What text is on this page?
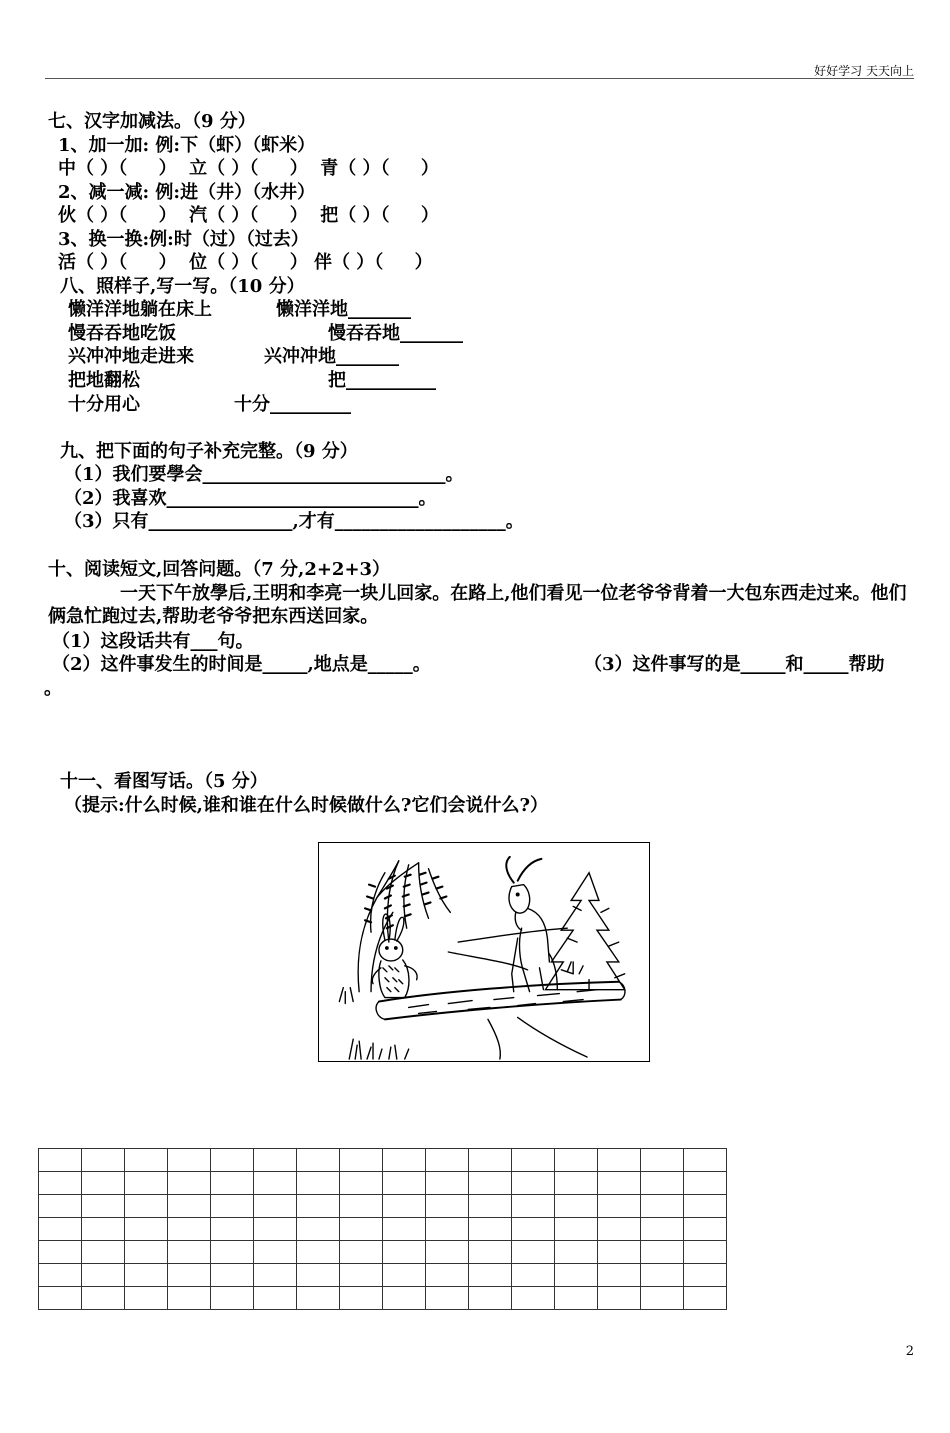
好好学习 天天向上
七、汉字加减法。（9 分）
1、加一加: 例:下（虾）（虾米）
中（ ）（     ）  立（ ）（     ）  青（ ）（     ）
2、减一减: 例:进（井）（水井）
伙（ ）（     ）  汽（ ）（     ）  把（ ）（     ）
3、换一换:例:时（过）（过去）
活（ ）（     ）  位（ ）（     ） 伴（ ）（     ）
八、照样子,写一写。（10 分）
懒洋洋地躺在床上	懒洋洋地_______
慢吞吞地吃饭	慢吞吞地_______
兴冲冲地走进来	兴冲冲地_______
把地翻松	把__________
十分用心	十分_________
九、把下面的句子补充完整。（9 分）
（1）我们要學会___________________________。
（2）我喜欢____________________________。
（3）只有________________,才有___________________。
十、阅读短文,回答问题。（7 分,2+2+3）
一天下午放學后,王明和李亮一块儿回家。在路上,他们看见一位老爷爷背着一大包东西走过来。他们俩急忙跑过去,帮助老爷爷把东西送回家。
（1）这段话共有___句。
（2）这件事发生的时间是_____,地点是_____。	（3）这件事写的是_____和_____帮助
。
十一、看图写话。（5 分）
（提示:什么时候,谁和谁在什么时候做什么?它们会说什么?）

2
